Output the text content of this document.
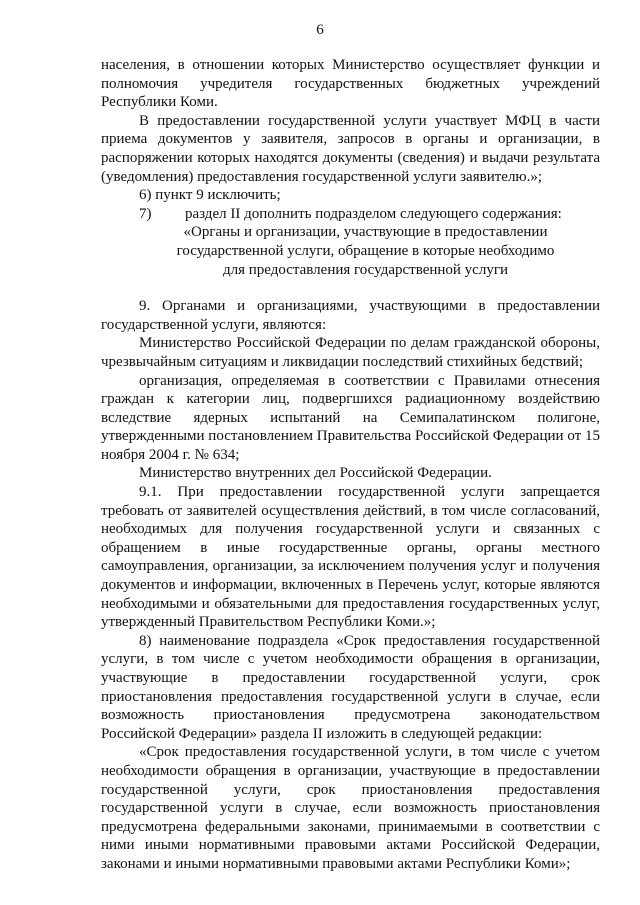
6

населения, в отношении которых Министерство осуществляет функции и полномочия учредителя государственных бюджетных учреждений Республики Коми.

В предоставлении государственной услуги участвует МФЦ в части приема документов у заявителя, запросов в органы и организации, в распоряжении которых находятся документы (сведения) и выдачи результата (уведомления) предоставления государственной услуги заявителю.»;

6) пункт 9 исключить;

7) раздел II дополнить подразделом следующего содержания:

«Органы и организации, участвующие в предоставлении

государственной услуги, обращение в которые необходимо

для предоставления государственной услуги

9. Органами и организациями, участвующими в предоставлении государственной услуги, являются:

Министерство Российской Федерации по делам гражданской обороны, чрезвычайным ситуациям и ликвидации последствий стихийных бедствий;

организация, определяемая в соответствии с Правилами отнесения граждан к категории лиц, подвергшихся радиационному воздействию вследствие ядерных испытаний на Семипалатинском полигоне, утвержденными постановлением Правительства Российской Федерации от 15 ноября 2004 г. № 634;

Министерство внутренних дел Российской Федерации.

9.1. При предоставлении государственной услуги запрещается требовать от заявителей осуществления действий, в том числе согласований, необходимых для получения государственной услуги и связанных с обращением в иные государственные органы, органы местного самоуправления, организации, за исключением получения услуг и получения документов и информации, включенных в Перечень услуг, которые являются необходимыми и обязательными для предоставления государственных услуг, утвержденный Правительством Республики Коми.»;

8) наименование подраздела «Срок предоставления государственной услуги, в том числе с учетом необходимости обращения в организации, участвующие в предоставлении государственной услуги, срок приостановления предоставления государственной услуги в случае, если возможность приостановления предусмотрена законодательством Российской Федерации» раздела II изложить в следующей редакции:

«Срок предоставления государственной услуги, в том числе с учетом необходимости обращения в организации, участвующие в предоставлении государственной услуги, срок приостановления предоставления государственной услуги в случае, если возможность приостановления предусмотрена федеральными законами, принимаемыми в соответствии с ними иными нормативными правовыми актами Российской Федерации, законами и иными нормативными правовыми актами Республики Коми»;
